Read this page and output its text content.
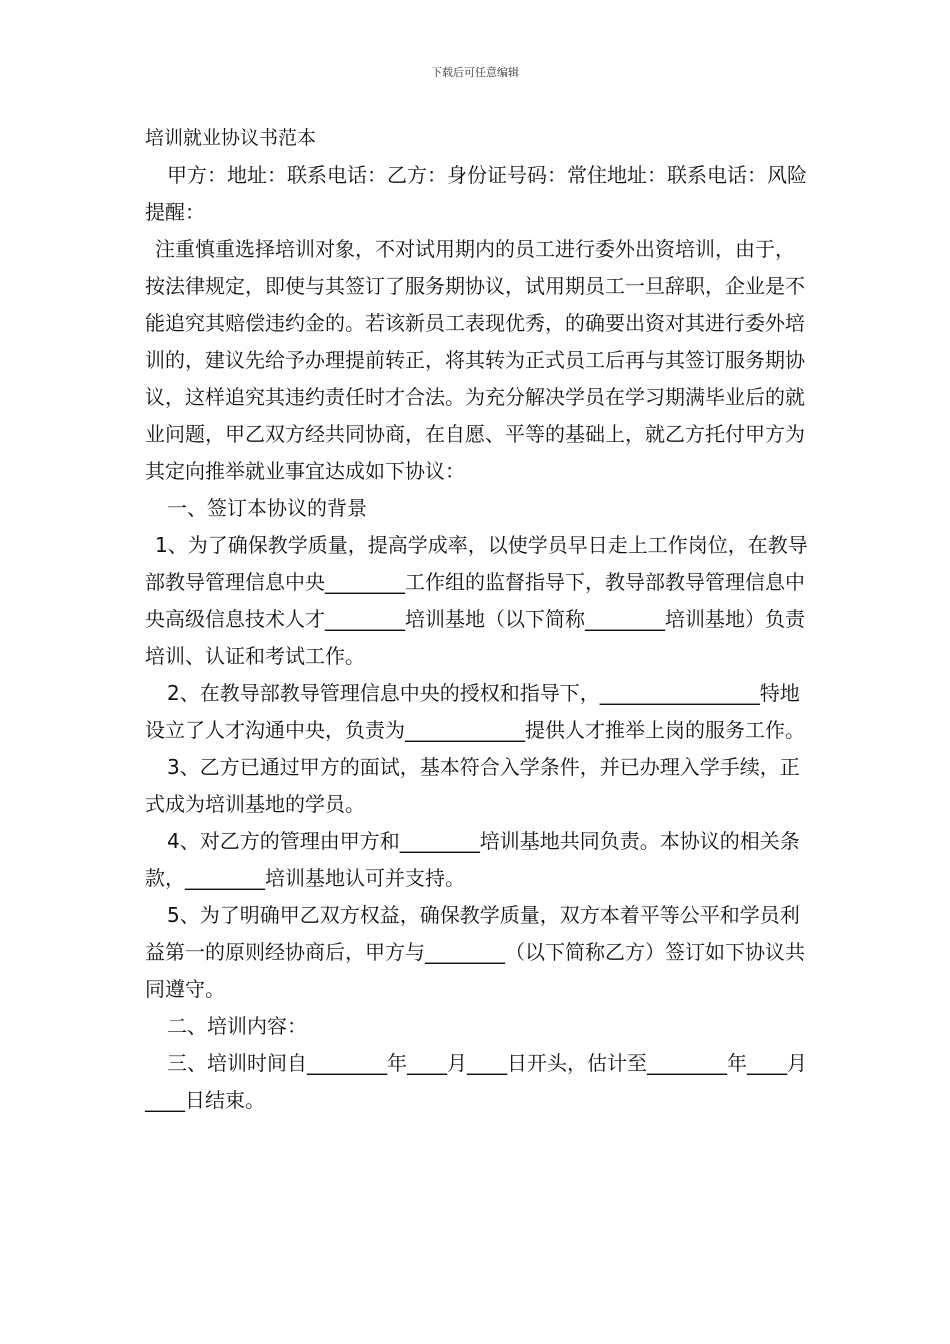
下载后可任意编辑

培训就业协议书范本

甲方：地址：联系电话：乙方：身份证号码：常住地址：联系电话：风险提醒：

注重慎重选择培训对象，不对试用期内的员工进行委外出资培训，由于，按法律规定，即使与其签订了服务期协议，试用期员工一旦辞职，企业是不能追究其赔偿违约金的。若该新员工表现优秀，的确要出资对其进行委外培训的，建议先给予办理提前转正，将其转为正式员工后再与其签订服务期协议，这样追究其违约责任时才合法。为充分解决学员在学习期满毕业后的就业问题，甲乙双方经共同协商，在自愿、平等的基础上，就乙方托付甲方为其定向推举就业事宜达成如下协议：

一、签订本协议的背景

1、为了确保教学质量，提高学成率，以使学员早日走上工作岗位，在教导部教导管理信息中央________工作组的监督指导下，教导部教导管理信息中央高级信息技术人才________培训基地（以下简称________培训基地）负责培训、认证和考试工作。

2、在教导部教导管理信息中央的授权和指导下，________________特地设立了人才沟通中央，负责为____________提供人才推举上岗的服务工作。

3、乙方已通过甲方的面试，基本符合入学条件，并已办理入学手续，正式成为培训基地的学员。

4、对乙方的管理由甲方和________培训基地共同负责。本协议的相关条款，________培训基地认可并支持。

5、为了明确甲乙双方权益，确保教学质量，双方本着平等公平和学员利益第一的原则经协商后，甲方与________（以下简称乙方）签订如下协议共同遵守。

二、培训内容：

三、培训时间自________年____月____日开头，估计至________年____月____日结束。
